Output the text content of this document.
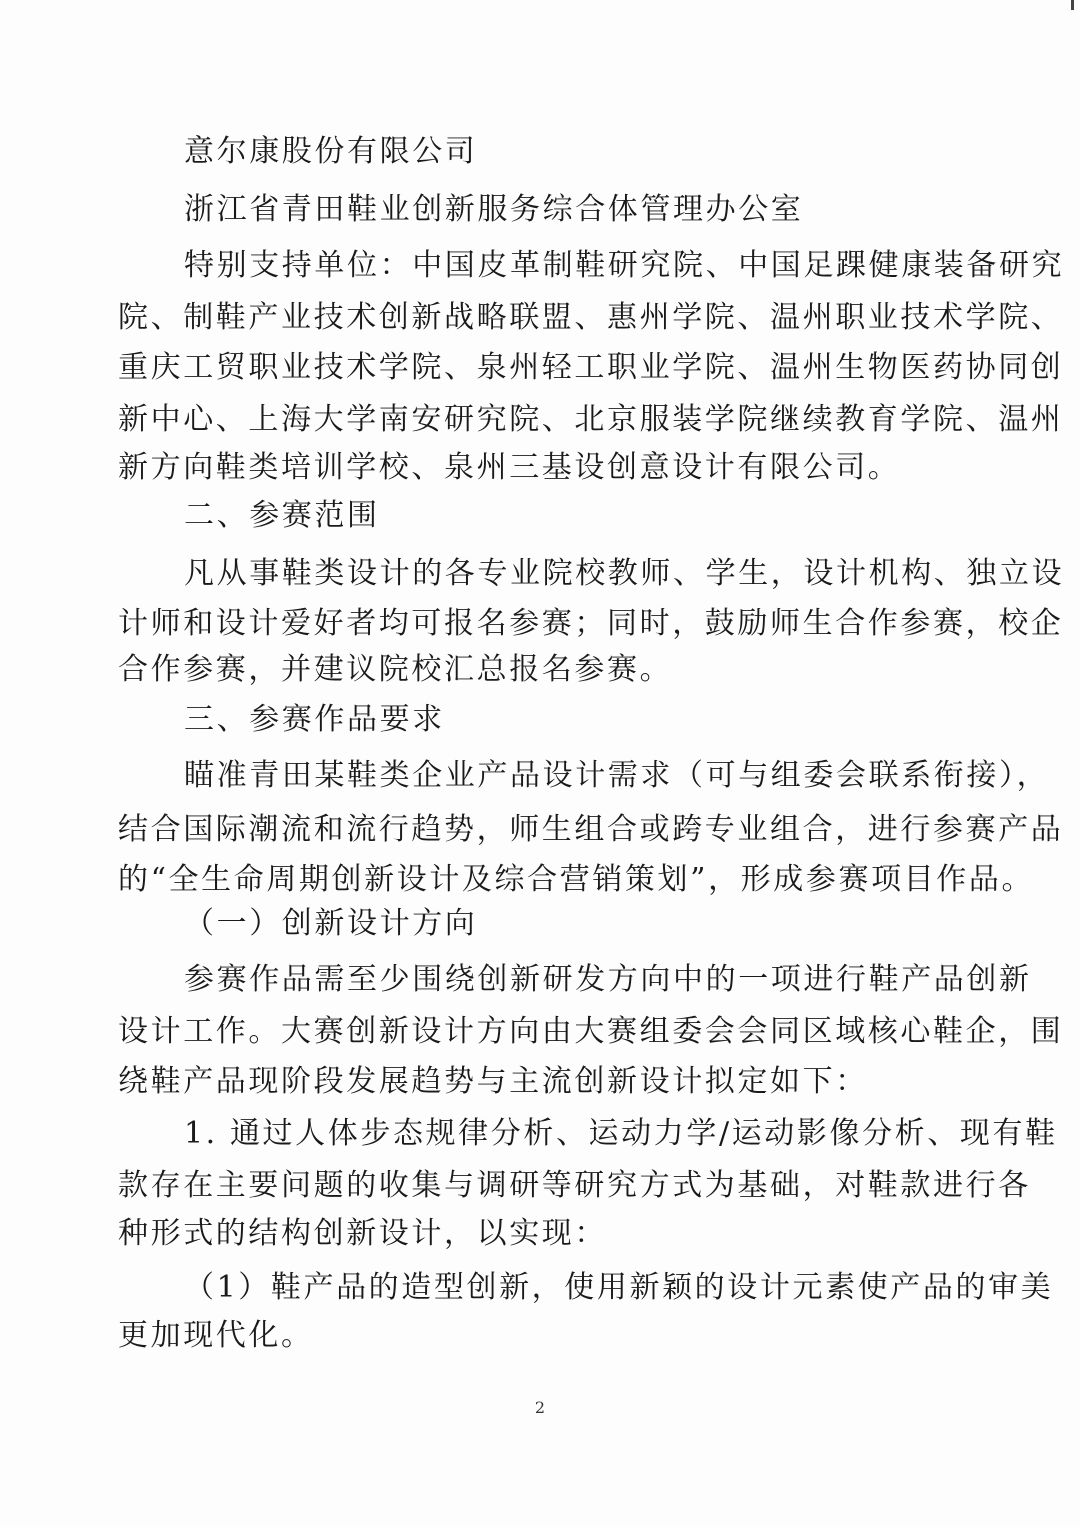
意尔康股份有限公司
浙江省青田鞋业创新服务综合体管理办公室
特别支持单位：中国皮革制鞋研究院、中国足踝健康装备研究
院、制鞋产业技术创新战略联盟、惠州学院、温州职业技术学院、
重庆工贸职业技术学院、泉州轻工职业学院、温州生物医药协同创
新中心、上海大学南安研究院、北京服装学院继续教育学院、温州
新方向鞋类培训学校、泉州三基设创意设计有限公司。
二、参赛范围
凡从事鞋类设计的各专业院校教师、学生，设计机构、独立设
计师和设计爱好者均可报名参赛；同时，鼓励师生合作参赛，校企
合作参赛，并建议院校汇总报名参赛。
三、参赛作品要求
瞄准青田某鞋类企业产品设计需求（可与组委会联系衔接），
结合国际潮流和流行趋势，师生组合或跨专业组合，进行参赛产品
的“全生命周期创新设计及综合营销策划”，形成参赛项目作品。
（一）创新设计方向
参赛作品需至少围绕创新研发方向中的一项进行鞋产品创新
设计工作。大赛创新设计方向由大赛组委会会同区域核心鞋企，围
绕鞋产品现阶段发展趋势与主流创新设计拟定如下：
1. 通过人体步态规律分析、运动力学/运动影像分析、现有鞋
款存在主要问题的收集与调研等研究方式为基础，对鞋款进行各
种形式的结构创新设计，以实现：
（1）鞋产品的造型创新，使用新颖的设计元素使产品的审美
更加现代化。
2
